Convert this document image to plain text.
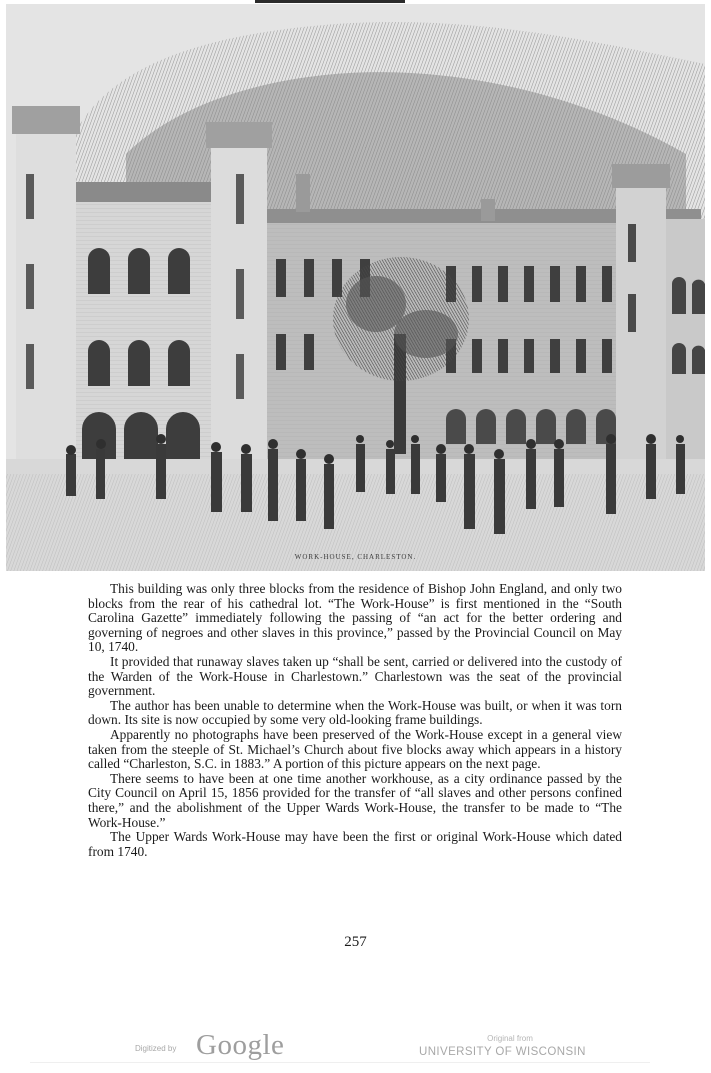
WORK-HOUSE, CHARLESTON.

This building was only three blocks from the residence of Bishop John England, and only two blocks from the rear of his cathedral lot. “The Work-House” is first mentioned in the “South Carolina Gazette” immediately following the passing of “an act for the better ordering and governing of negroes and other slaves in this province,” passed by the Provincial Council on May 10, 1740.

It provided that runaway slaves taken up “shall be sent, carried or delivered into the custody of the Warden of the Work-House in Charlestown.” Charlestown was the seat of the provincial government.

The author has been unable to determine when the Work-House was built, or when it was torn down. Its site is now occupied by some very old-looking frame buildings.

Apparently no photographs have been preserved of the Work-House except in a general view taken from the steeple of St. Michael’s Church about five blocks away which appears in a history called “Charleston, S.C. in 1883.” A portion of this picture appears on the next page.

There seems to have been at one time another workhouse, as a city ordinance passed by the City Council on April 15, 1856 provided for the transfer of “all slaves and other persons confined there,” and the abolishment of the Upper Wards Work-House, the transfer to be made to “The Work-House.”

The Upper Wards Work-House may have been the first or original Work-House which dated from 1740.

257
Digitized by Google	Original from
UNIVERSITY OF WISCONSIN
